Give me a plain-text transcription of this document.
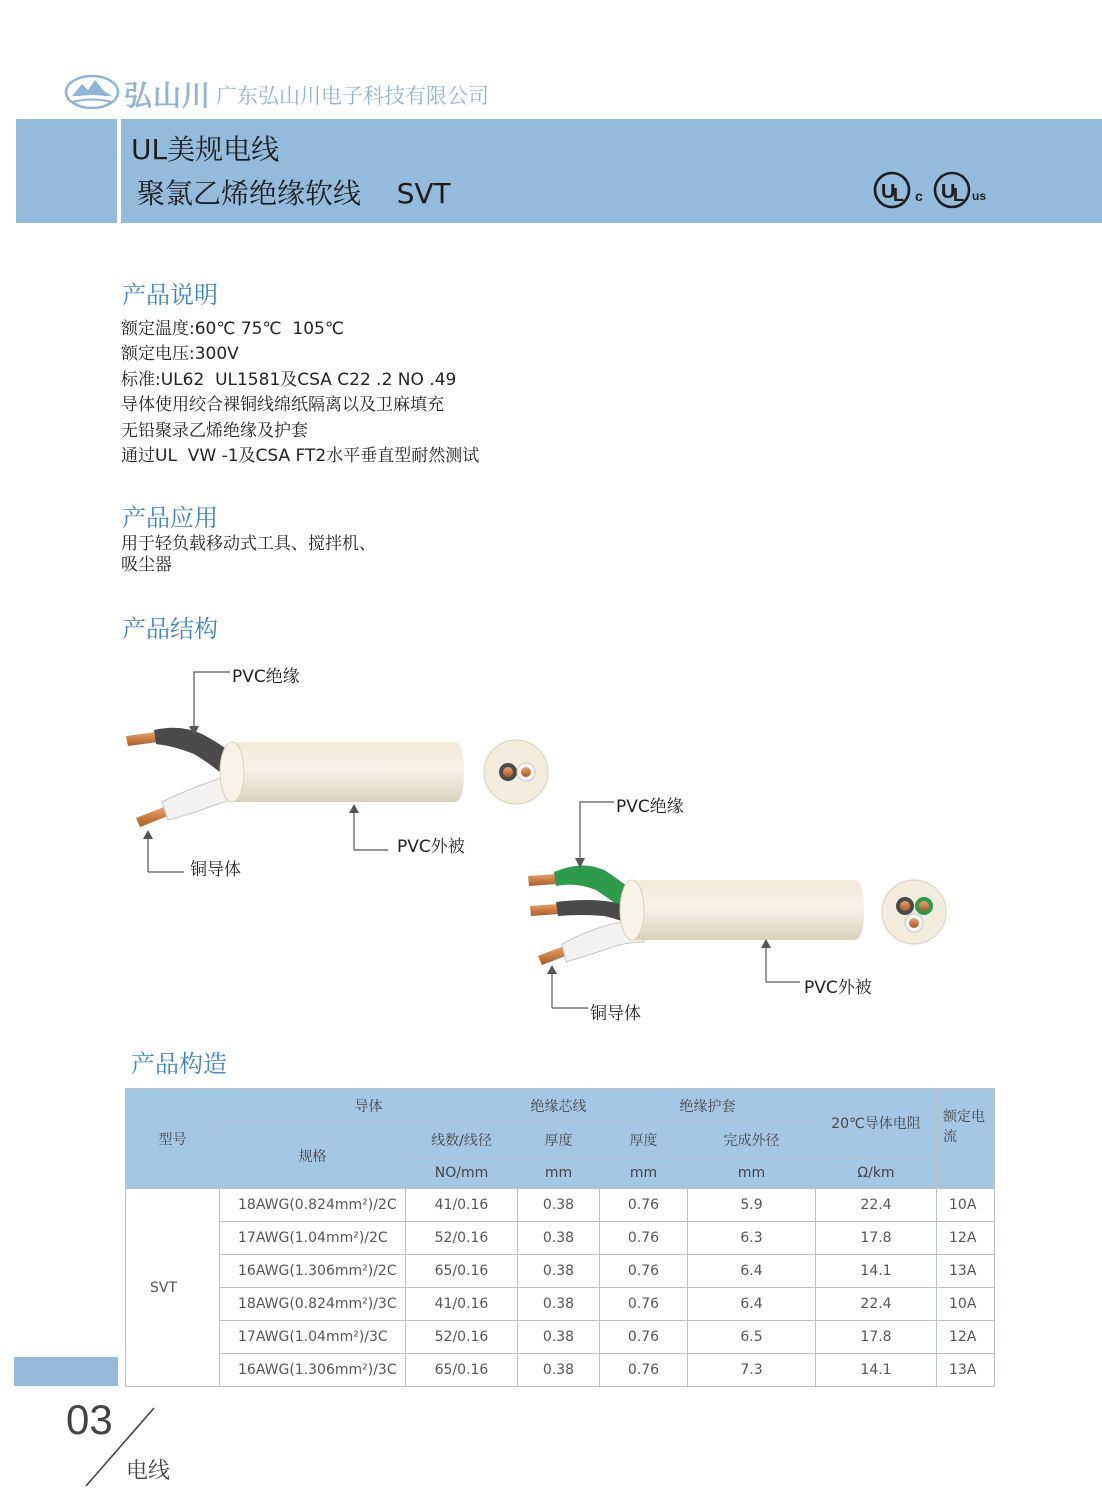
弘山川 广东弘山川电子科技有限公司
UL美规电线
聚氯乙烯绝缘软线    SVT	U
L c U
L us
产品说明
额定温度:60℃ 75℃  105℃
额定电压:300V
标准:UL62  UL1581及CSA C22 .2 NO .49
导体使用绞合裸铜线绵纸隔离以及卫麻填充
无铅聚录乙烯绝缘及护套
通过UL  VW -1及CSA FT2水平垂直型耐然测试
产品应用
用于轻负载移动式工具、搅拌机、
吸尘器
产品结构
PVC绝缘
PVC外被
铜导体
PVC绝缘
PVC外被
铜导体
产品构造
型号	导体		绝缘芯线	绝缘护套		20℃导体电阻	额定电流
	规格	线数/线径	厚度	厚度	完成外径		
		NO/mm	mm	mm	mm	Ω/km	
SVT	18AWG(0.824mm²)/2C	41/0.16	0.38	0.76	5.9	22.4	10A
	17AWG(1.04mm²)/2C	52/0.16	0.38	0.76	6.3	17.8	12A
	16AWG(1.306mm²)/2C	65/0.16	0.38	0.76	6.4	14.1	13A
	18AWG(0.824mm²)/3C	41/0.16	0.38	0.76	6.4	22.4	10A
	17AWG(1.04mm²)/3C	52/0.16	0.38	0.76	6.5	17.8	12A
	16AWG(1.306mm²)/3C	65/0.16	0.38	0.76	7.3	14.1	13A
03
电线
